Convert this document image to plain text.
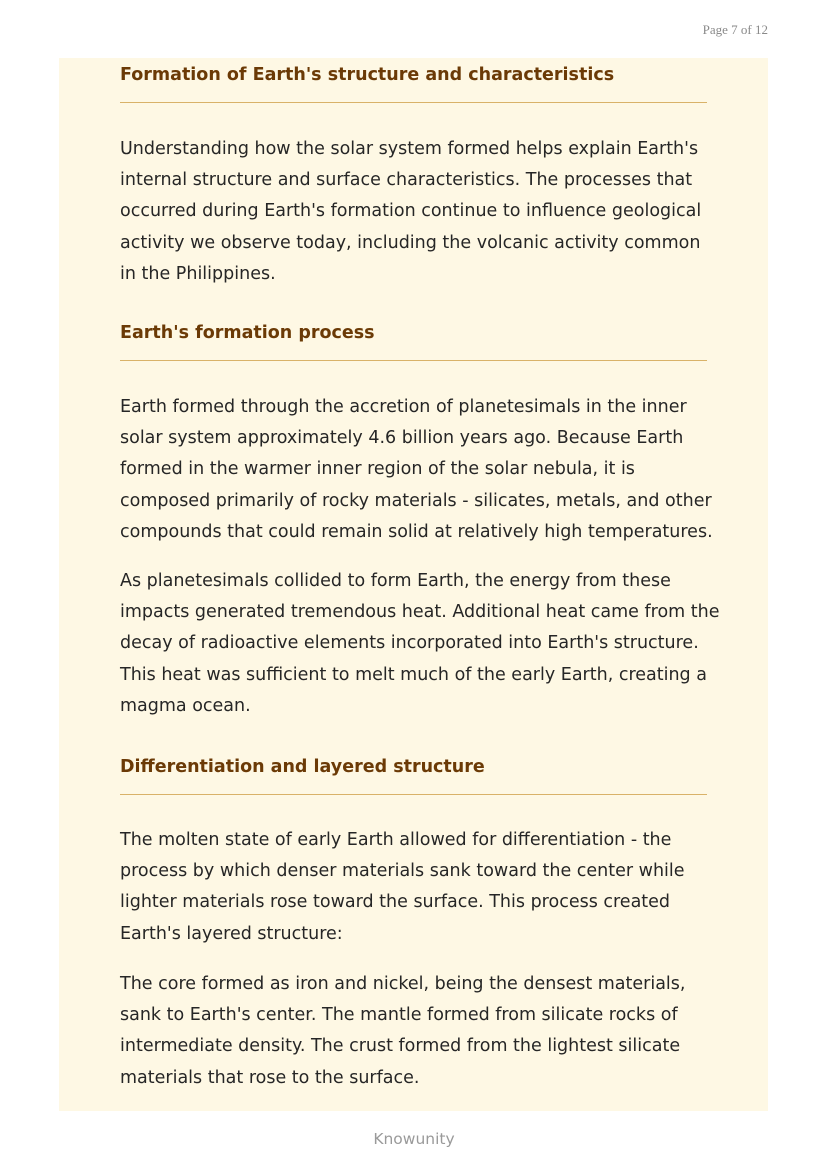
Page 7 of 12
Formation of Earth's structure and characteristics

Understanding how the solar system formed helps explain Earth's internal structure and surface characteristics. The processes that occurred during Earth's formation continue to influence geological activity we observe today, including the volcanic activity common in the Philippines.

Earth's formation process

Earth formed through the accretion of planetesimals in the inner solar system approximately 4.6 billion years ago. Because Earth formed in the warmer inner region of the solar nebula, it is composed primarily of rocky materials - silicates, metals, and other compounds that could remain solid at relatively high temperatures.

As planetesimals collided to form Earth, the energy from these impacts generated tremendous heat. Additional heat came from the decay of radioactive elements incorporated into Earth's structure. This heat was sufficient to melt much of the early Earth, creating a magma ocean.

Differentiation and layered structure

The molten state of early Earth allowed for differentiation - the process by which denser materials sank toward the center while lighter materials rose toward the surface. This process created Earth's layered structure:

The core formed as iron and nickel, being the densest materials, sank to Earth's center. The mantle formed from silicate rocks of intermediate density. The crust formed from the lightest silicate materials that rose to the surface.

Knowunity
